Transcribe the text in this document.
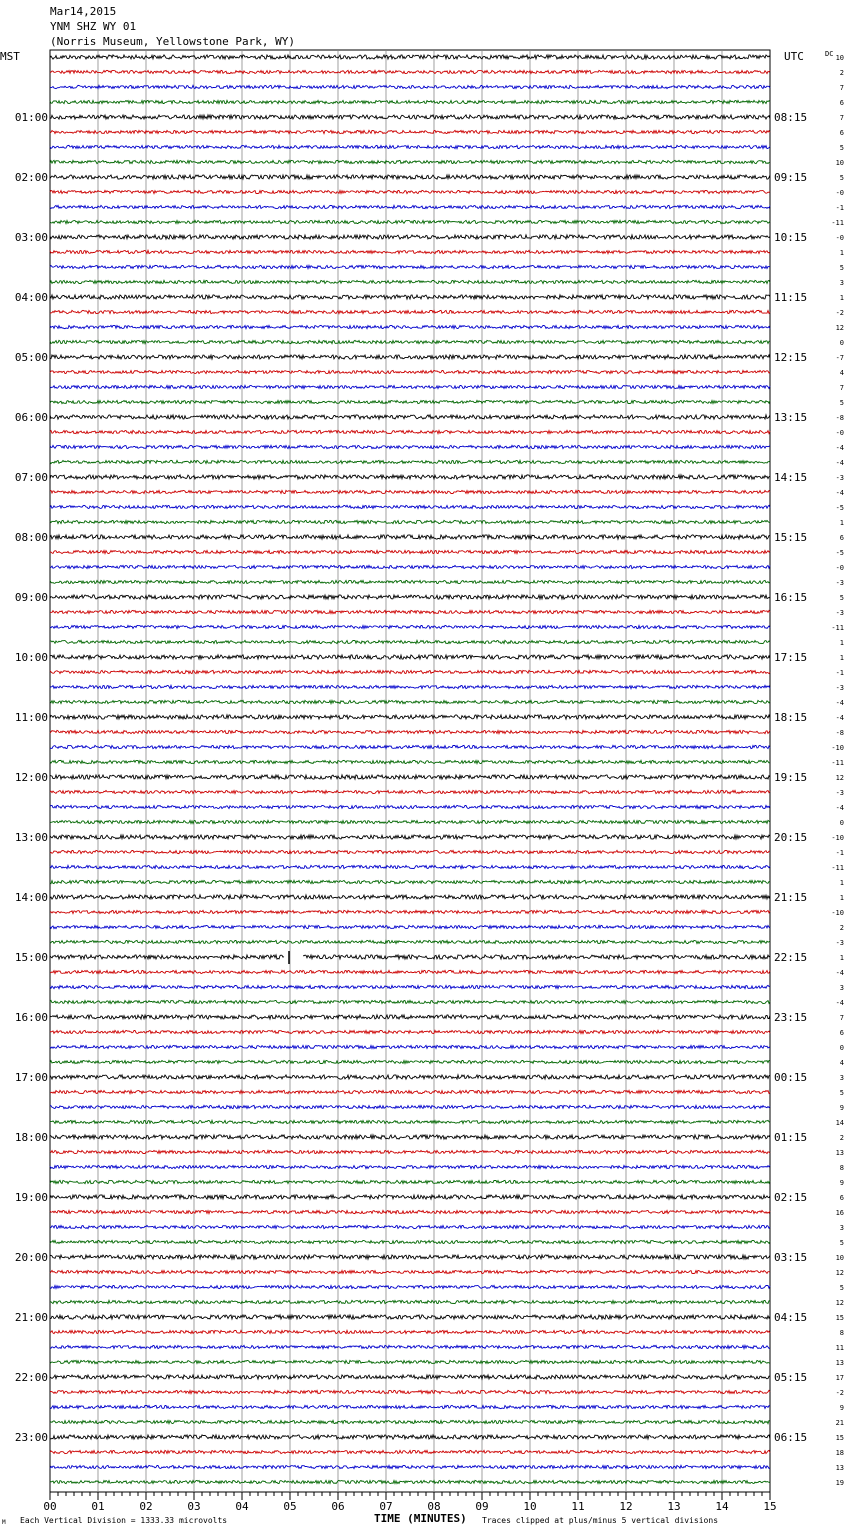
Mar14,2015
YNM SHZ WY 01
(Norris Museum, Yellowstone Park, WY)
MST	UTC	10
2
7
6
7
6
5
10
5
-0
-1
-11
-0
1
5
3
1
-2
12
0
-7
4
7
5
-8
-0
-4
-4
-3
-4
-5
1
6
-5
-0
-3
5
-3
-11
1
1
-1
-3
-4
-4
-8
-10
-11
12
-3
-4
0
-10
-1
-11
1
1
-10
2
-3
1
-4
3
-4
7
6
0
4
3
5
9
14
2
13
8
9
6
16
3
5
10
12
5
12
15
8
11
13
17
-2
9
21
15
18
13
19
DC
01:00	08:15
02:00	09:15
03:00	10:15
04:00	11:15
05:00	12:15
06:00	13:15
07:00	14:15
08:00	15:15
09:00	16:15
10:00	17:15
11:00	18:15
12:00	19:15
13:00	20:15
14:00	21:15
15:00	22:15
16:00	23:15
17:00	00:15
18:00	01:15
19:00	02:15
20:00	03:15
21:00	04:15
22:00	05:15
23:00	06:15
00	01	02	03	04	05	06	07	08	09	10	11	12	13	14	15
M Each Vertical Division = 1333.33 microvolts	TIME (MINUTES) Traces clipped at plus/minus 5 vertical divisions
